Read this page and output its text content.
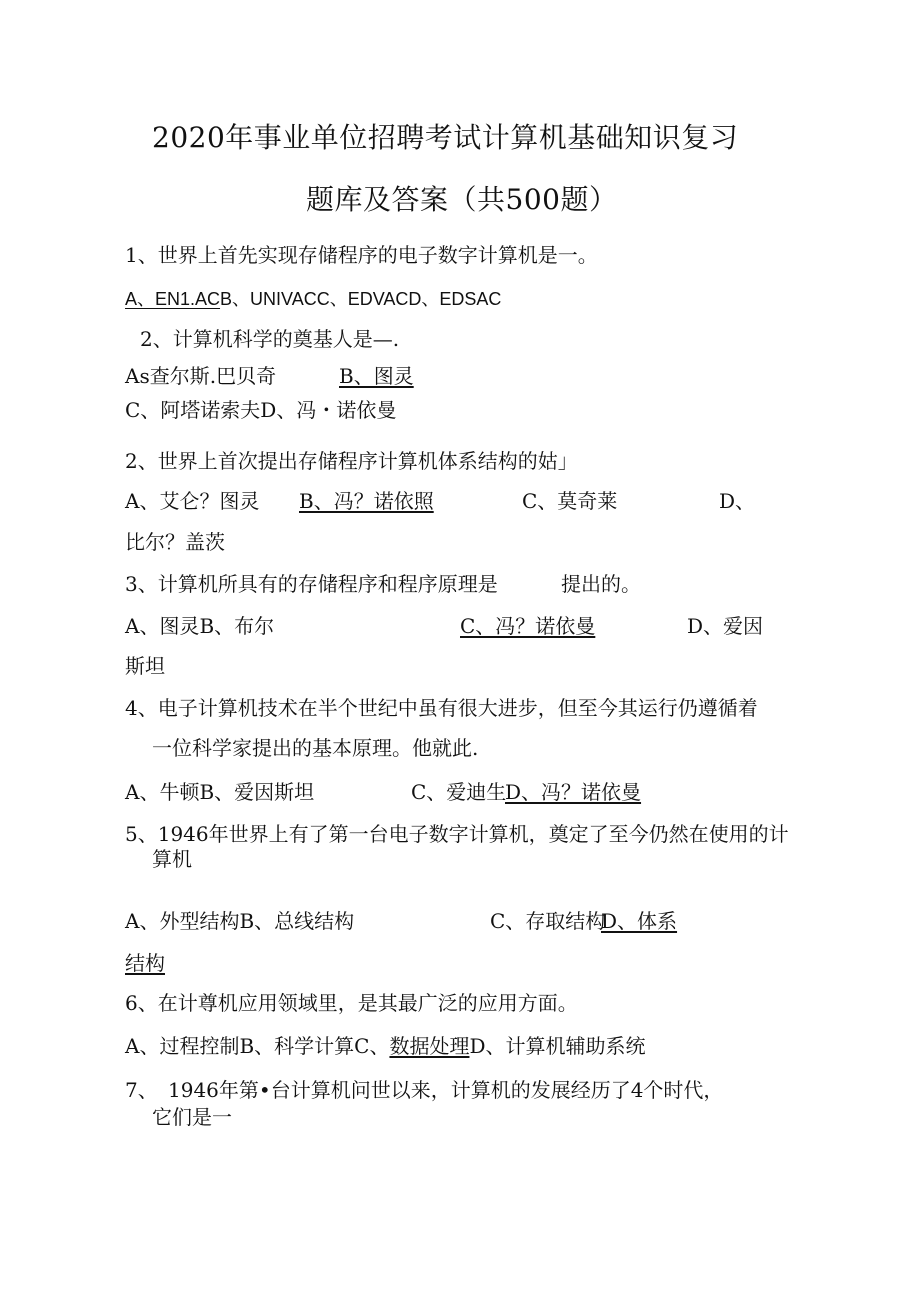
2020年事业单位招聘考试计算机基础知识复习
题库及答案（共500题）
1、世界上首先实现存储程序的电子数字计算机是一。
A、EN1.ACB、UNIVACC、EDVACD、EDSAC
2、计算机科学的奠基人是—.
As查尔斯.巴贝奇	B、图灵
C、阿塔诺索夫D、冯・诺依曼
2、世界上首次提出存储程序计算机体系结构的姑」
A、艾仑？图灵 B、冯？诺依照	C、莫奇莱	D、
比尔？盖茨
3、计算机所具有的存储程序和程序原理是	提出的。
A、图灵B、布尔	C、冯？诺依曼	D、爱因
斯坦
4、电子计算机技术在半个世纪中虽有很大进步，但至今其运行仍遵循着
一位科学家提出的基本原理。他就此.
A、牛顿B、爱因斯坦	C、爱迪生
D、冯？诺依曼
5、1946年世界上有了第一台电子数字计算机，奠定了至今仍然在使用的计
算机
A、外型结构B、总线结构	C、存取结构
D、体系
结构
6、在计尊机应用领域里，是其最广泛的应用方面。
A、过程控制B、科学计算C、数据处理D、计算机辅助系统
7、 1946年第•台计算机问世以来，计算机的发展经历了4个时代，
它们是一
